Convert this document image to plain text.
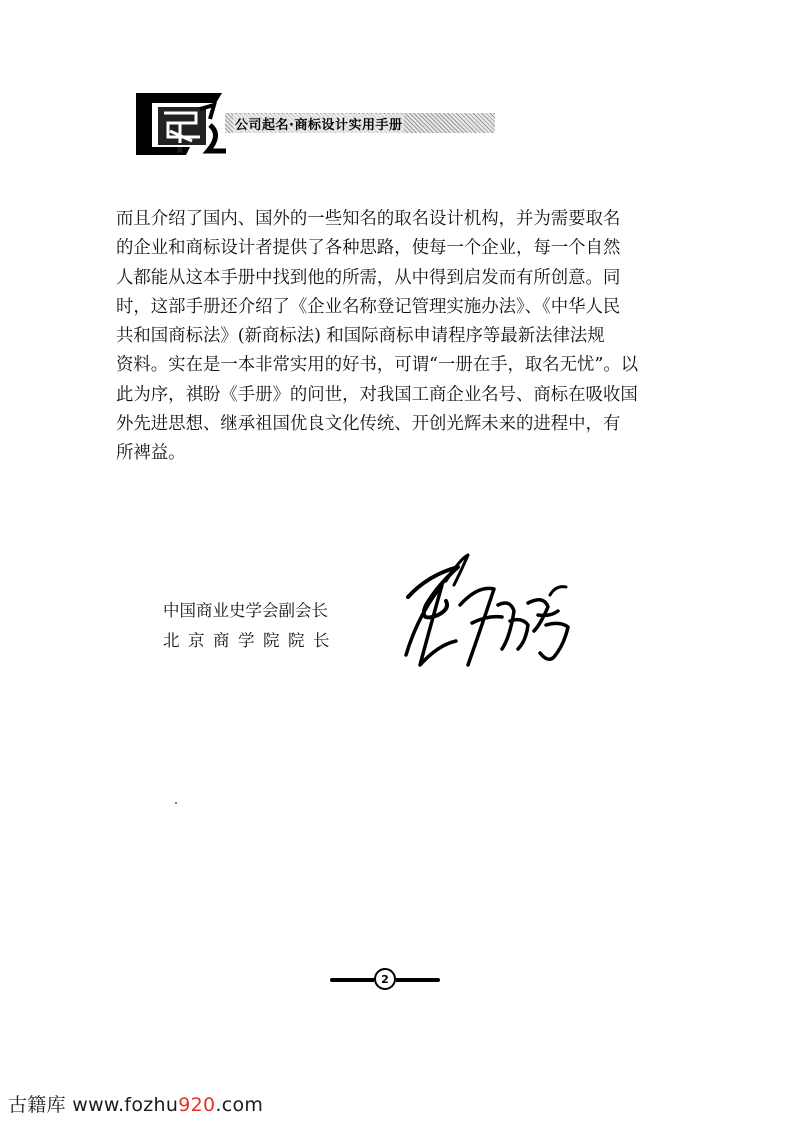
民
公司起名·商标设计实用手册

而且介绍了国内、国外的一些知名的取名设计机构，并为需要取名
的企业和商标设计者提供了各种思路，使每一个企业，每一个自然
人都能从这本手册中找到他的所需，从中得到启发而有所创意。同
时，这部手册还介绍了《企业名称登记管理实施办法》、《中华人民
共和国商标法》(新商标法) 和国际商标申请程序等最新法律法规
资料。实在是一本非常实用的好书，可谓“一册在手，取名无忧”。以
此为序，祺盼《手册》的问世，对我国工商企业名号、商标在吸收国
外先进思想、继承祖国优良文化传统、开创光辉未来的进程中，有
所裨益。

中国商业史学会副会长
北京商学院院长
2
古籍库 www.fozhu920.com
